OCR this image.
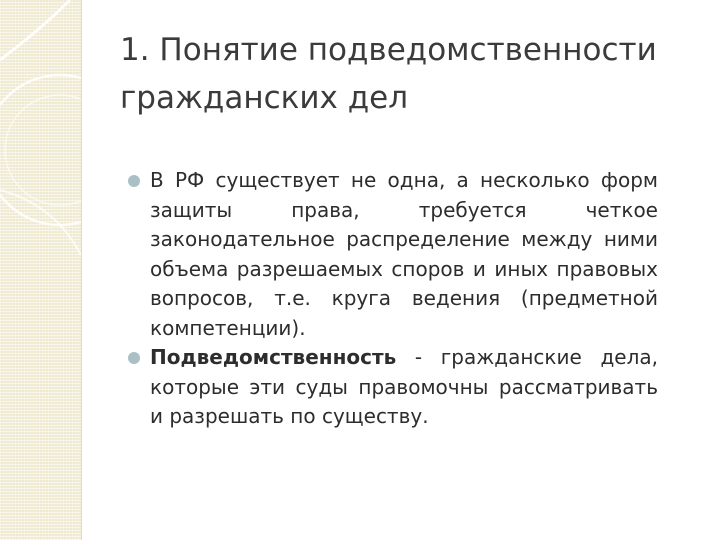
1. Понятие подведомственности гражданских дел
В РФ существует не одна, а несколько форм защиты права, требуется четкое законодательное распределение между ними объема разрешаемых споров и иных правовых вопросов, т.е. круга ведения (предметной компетенции).
Подведомственность - гражданские дела, которые эти суды правомочны рассматривать и разрешать по существу.
